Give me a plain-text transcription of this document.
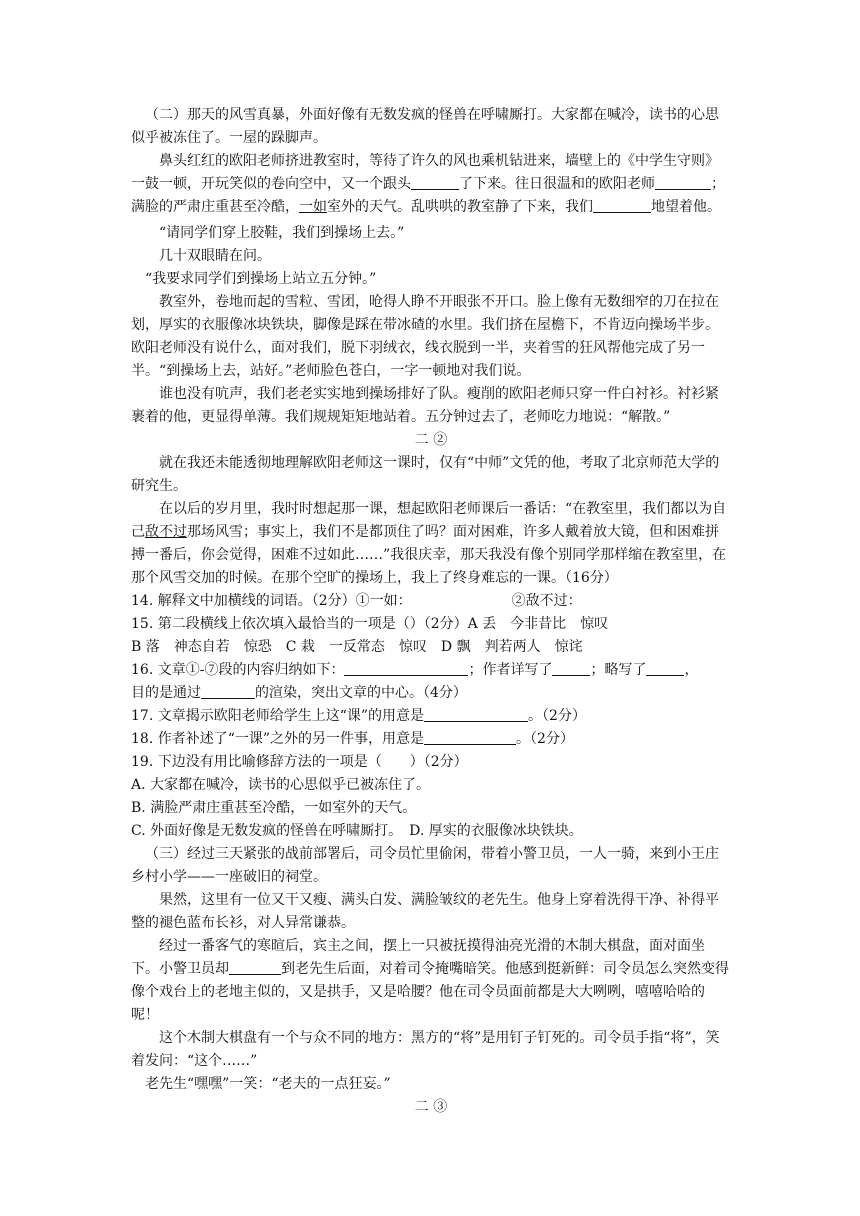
（二）那天的风雪真暴，外面好像有无数发疯的怪兽在呼啸厮打。大家都在喊冷，读书的心思似乎被冻住了。一屋的跺脚声。

鼻头红红的欧阳老师挤进教室时，等待了许久的风也乘机钻进来，墙壁上的《中学生守则》一鼓一顿，开玩笑似的卷向空中，又一个跟头	了下来。往日很温和的欧阳老师	；满脸的严肃庄重甚至冷酷，一如室外的天气。乱哄哄的教室静了下来，我们	地望着他。

“请同学们穿上胶鞋，我们到操场上去。”

几十双眼睛在问。

“我要求同学们到操场上站立五分钟。”

教室外，卷地而起的雪粒、雪团，呛得人睁不开眼张不开口。脸上像有无数细窄的刀在拉在划，厚实的衣服像冰块铁块，脚像是踩在带冰碴的水里。我们挤在屋檐下，不肯迈向操场半步。欧阳老师没有说什么，面对我们，脱下羽绒衣，线衣脱到一半，夹着雪的狂风帮他完成了另一半。“到操场上去，站好。”老师脸色苍白，一字一顿地对我们说。

谁也没有吭声，我们老老实实地到操场排好了队。瘦削的欧阳老师只穿一件白衬衫。衬衫紧裹着的他，更显得单薄。我们规规矩矩地站着。五分钟过去了，老师吃力地说：“解散。”

二 ②

就在我还未能透彻地理解欧阳老师这一课时，仅有“中师”文凭的他，考取了北京师范大学的研究生。

在以后的岁月里，我时时想起那一课，想起欧阳老师课后一番话：“在教室里，我们都以为自己敌不过那场风雪；事实上，我们不是都顶住了吗？面对困难，许多人戴着放大镜，但和困难拼搏一番后，你会觉得，困难不过如此……”我很庆幸，那天我没有像个别同学那样缩在教室里，在那个风雪交加的时候。在那个空旷的操场上，我上了终身难忘的一课。（16分）

14. 解释文中加横线的词语。（2分）①一如：	②敌不过：

15. 第二段横线上依次填入最恰当的一项是（）（2分）A 丢　今非昔比　惊叹

B 落　神态自若　惊恐　C 栽　一反常态　惊叹　D 飘　判若两人　惊诧

16. 文章①-⑦段的内容归纳如下：	；作者详写了	；略写了	，

目的是通过	的渲染，突出文章的中心。（4分）

17. 文章揭示欧阳老师给学生上这“课”的用意是	。（2分）

18. 作者补述了“一课”之外的另一件事，用意是	。（2分）

19. 下边没有用比喻修辞方法的一项是（　　）（2分）

A. 大家都在喊冷，读书的心思似乎已被冻住了。

B. 满脸严肃庄重甚至冷酷，一如室外的天气。

C. 外面好像是无数发疯的怪兽在呼啸厮打。　D. 厚实的衣服像冰块铁块。

（三）经过三天紧张的战前部署后，司令员忙里偷闲，带着小警卫员，一人一骑，来到小王庄乡村小学——一座破旧的祠堂。

果然，这里有一位又干又瘦、满头白发、满脸皱纹的老先生。他身上穿着洗得干净、补得平整的褪色蓝布长衫，对人异常谦恭。

经过一番客气的寒暄后，宾主之间，摆上一只被抚摸得油亮光滑的木制大棋盘，面对面坐下。小警卫员却	到老先生后面，对着司令掩嘴暗笑。他感到挺新鲜：司令员怎么突然变得像个戏台上的老地主似的，又是拱手，又是哈腰？他在司令员面前都是大大咧咧，嘻嘻哈哈的呢！

这个木制大棋盘有一个与众不同的地方：黑方的“将”是用钉子钉死的。司令员手指“将”，笑着发问：“这个……”

老先生“嘿嘿”一笑：“老夫的一点狂妄。”

二 ③
